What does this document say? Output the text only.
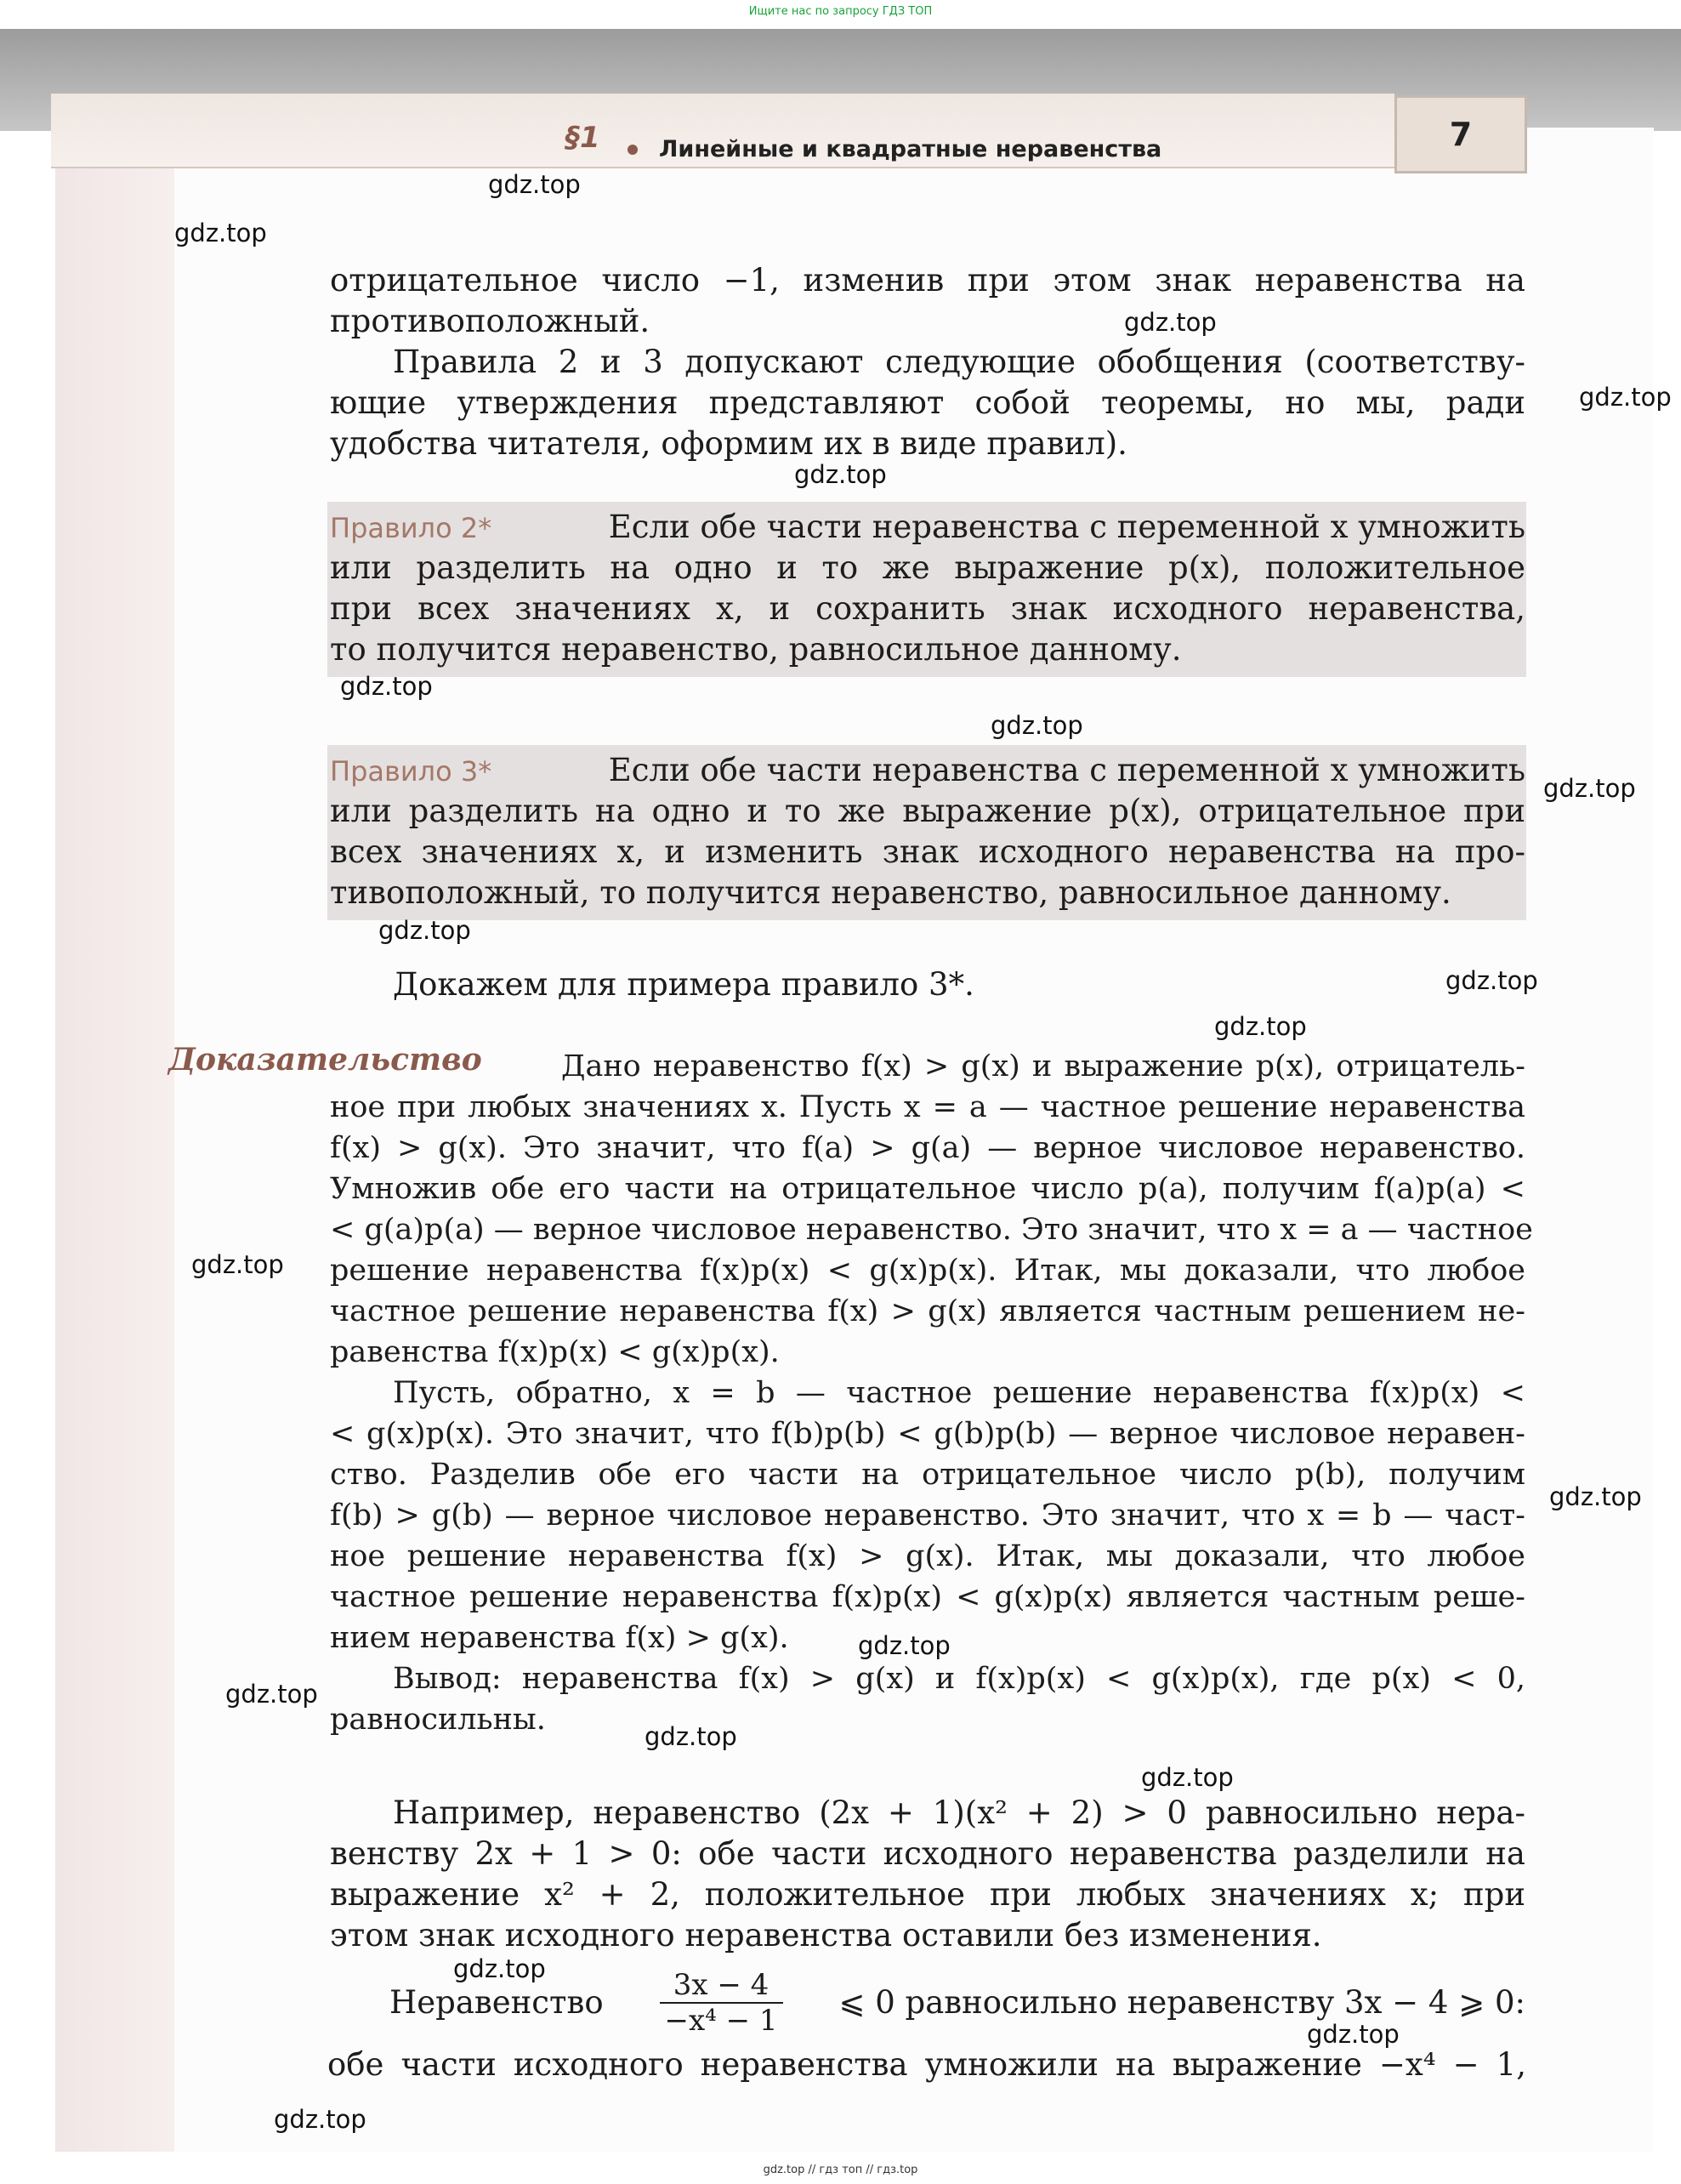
Ищите нас по запросу ГДЗ ТОП
§1	Линейные и квадратные неравенства	7
отрицательное число −1, изменив при этом знак неравенства на
противоположный.
Правила 2 и 3 допускают следующие обобщения (соответству-
ющие утверждения представляют собой теоремы, но мы, ради
удобства читателя, оформим их в виде правил).
Правило 2*	Если обе части неравенства с переменной x умножить
или разделить на одно и то же выражение p(x), положительное
при всех значениях x, и сохранить знак исходного неравенства,
то получится неравенство, равносильное данному.
Правило 3*	Если обе части неравенства с переменной x умножить
или разделить на одно и то же выражение p(x), отрицательное при
всех значениях x, и изменить знак исходного неравенства на про-
тивоположный, то получится неравенство, равносильное данному.
Докажем для примера правило 3*.
Доказательство	Дано неравенство f(x) > g(x) и выражение p(x), отрицатель-
ное при любых значениях x. Пусть x = a — частное решение неравенства
f(x) > g(x). Это значит, что f(a) > g(a) — верное числовое неравенство.
Умножив обе его части на отрицательное число p(a), получим f(a)p(a) <
< g(a)p(a) — верное числовое неравенство. Это значит, что x = a — частное
решение неравенства f(x)p(x) < g(x)p(x). Итак, мы доказали, что любое
частное решение неравенства f(x) > g(x) является частным решением не-
равенства f(x)p(x) < g(x)p(x).
Пусть, обратно, x = b — частное решение неравенства f(x)p(x) <
< g(x)p(x). Это значит, что f(b)p(b) < g(b)p(b) — верное числовое нерaвен-
ство. Разделив обе его части на отрицательное число p(b), получим
f(b) > g(b) — верное числовое неравенство. Это значит, что x = b — част-
ное решение неравенства f(x) > g(x). Итак, мы доказали, что любое
частное решение неравенства f(x)p(x) < g(x)p(x) является частным реше-
нием неравенства f(x) > g(x).
Вывод: неравенства f(x) > g(x) и f(x)p(x) < g(x)p(x), где p(x) < 0,
равносильны.
Например, неравенство (2x + 1)(x² + 2) > 0 равносильно нера-
венству 2x + 1 > 0: обе части исходного неравенства разделили на
выражение x² + 2, положительное при любых значениях x; при
этом знак исходного неравенства оставили без изменения.
Неравенство $\frac{3x - 4}{\text{−x⁴ − 1}}$ ⩽ 0 равносильно неравенству 3x − 4 ⩾ 0:
обе части исходного неравенства умножили на выражение −x⁴ − 1,
gdz.top
gdz.top
gdz.top
gdz.top
gdz.top
gdz.top
gdz.top
gdz.top
gdz.top
gdz.top
gdz.top
gdz.top
gdz.top
gdz.top
gdz.top
gdz.top
gdz.top
gdz.top
gdz.top
gdz.top
gdz.top // гдз топ // гдз.top
